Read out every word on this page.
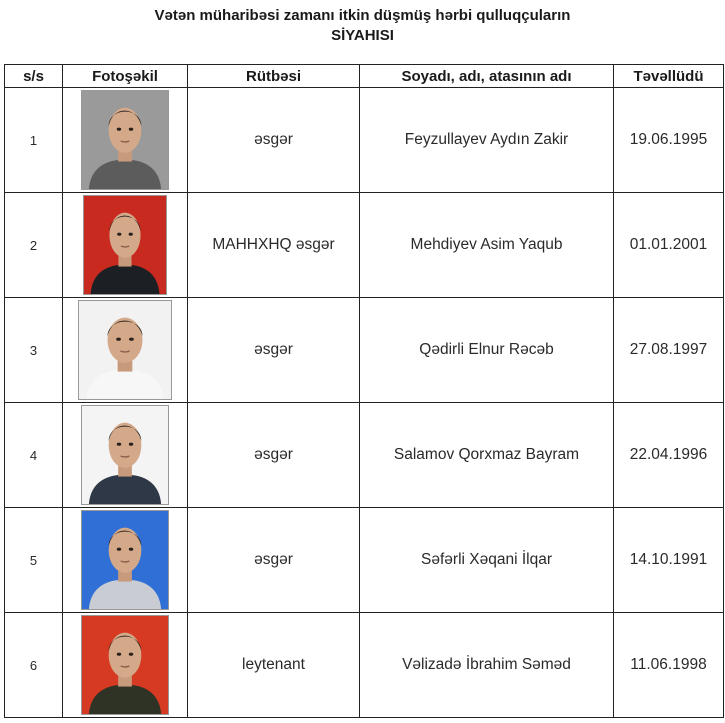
Vətən müharibəsi zamanı itkin düşmüş hərbi qulluqçuların
SİYAHISI
s/s	Fotoşəkil	Rütbəsi	Soyadı, adı, atasının adı	Təvəllüdü
1		əsgər	Feyzullayev Aydın Zakir	19.06.1995
2		MAHHXHQ əsgər	Mehdiyev Asim Yaqub	01.01.2001
3		əsgər	Qədirli Elnur Rəcəb	27.08.1997
4		əsgər	Salamov Qorxmaz Bayram	22.04.1996
5		əsgər	Səfərli Xəqani İlqar	14.10.1991
6		leytenant	Vəlizadə İbrahim Səməd	11.06.1998
